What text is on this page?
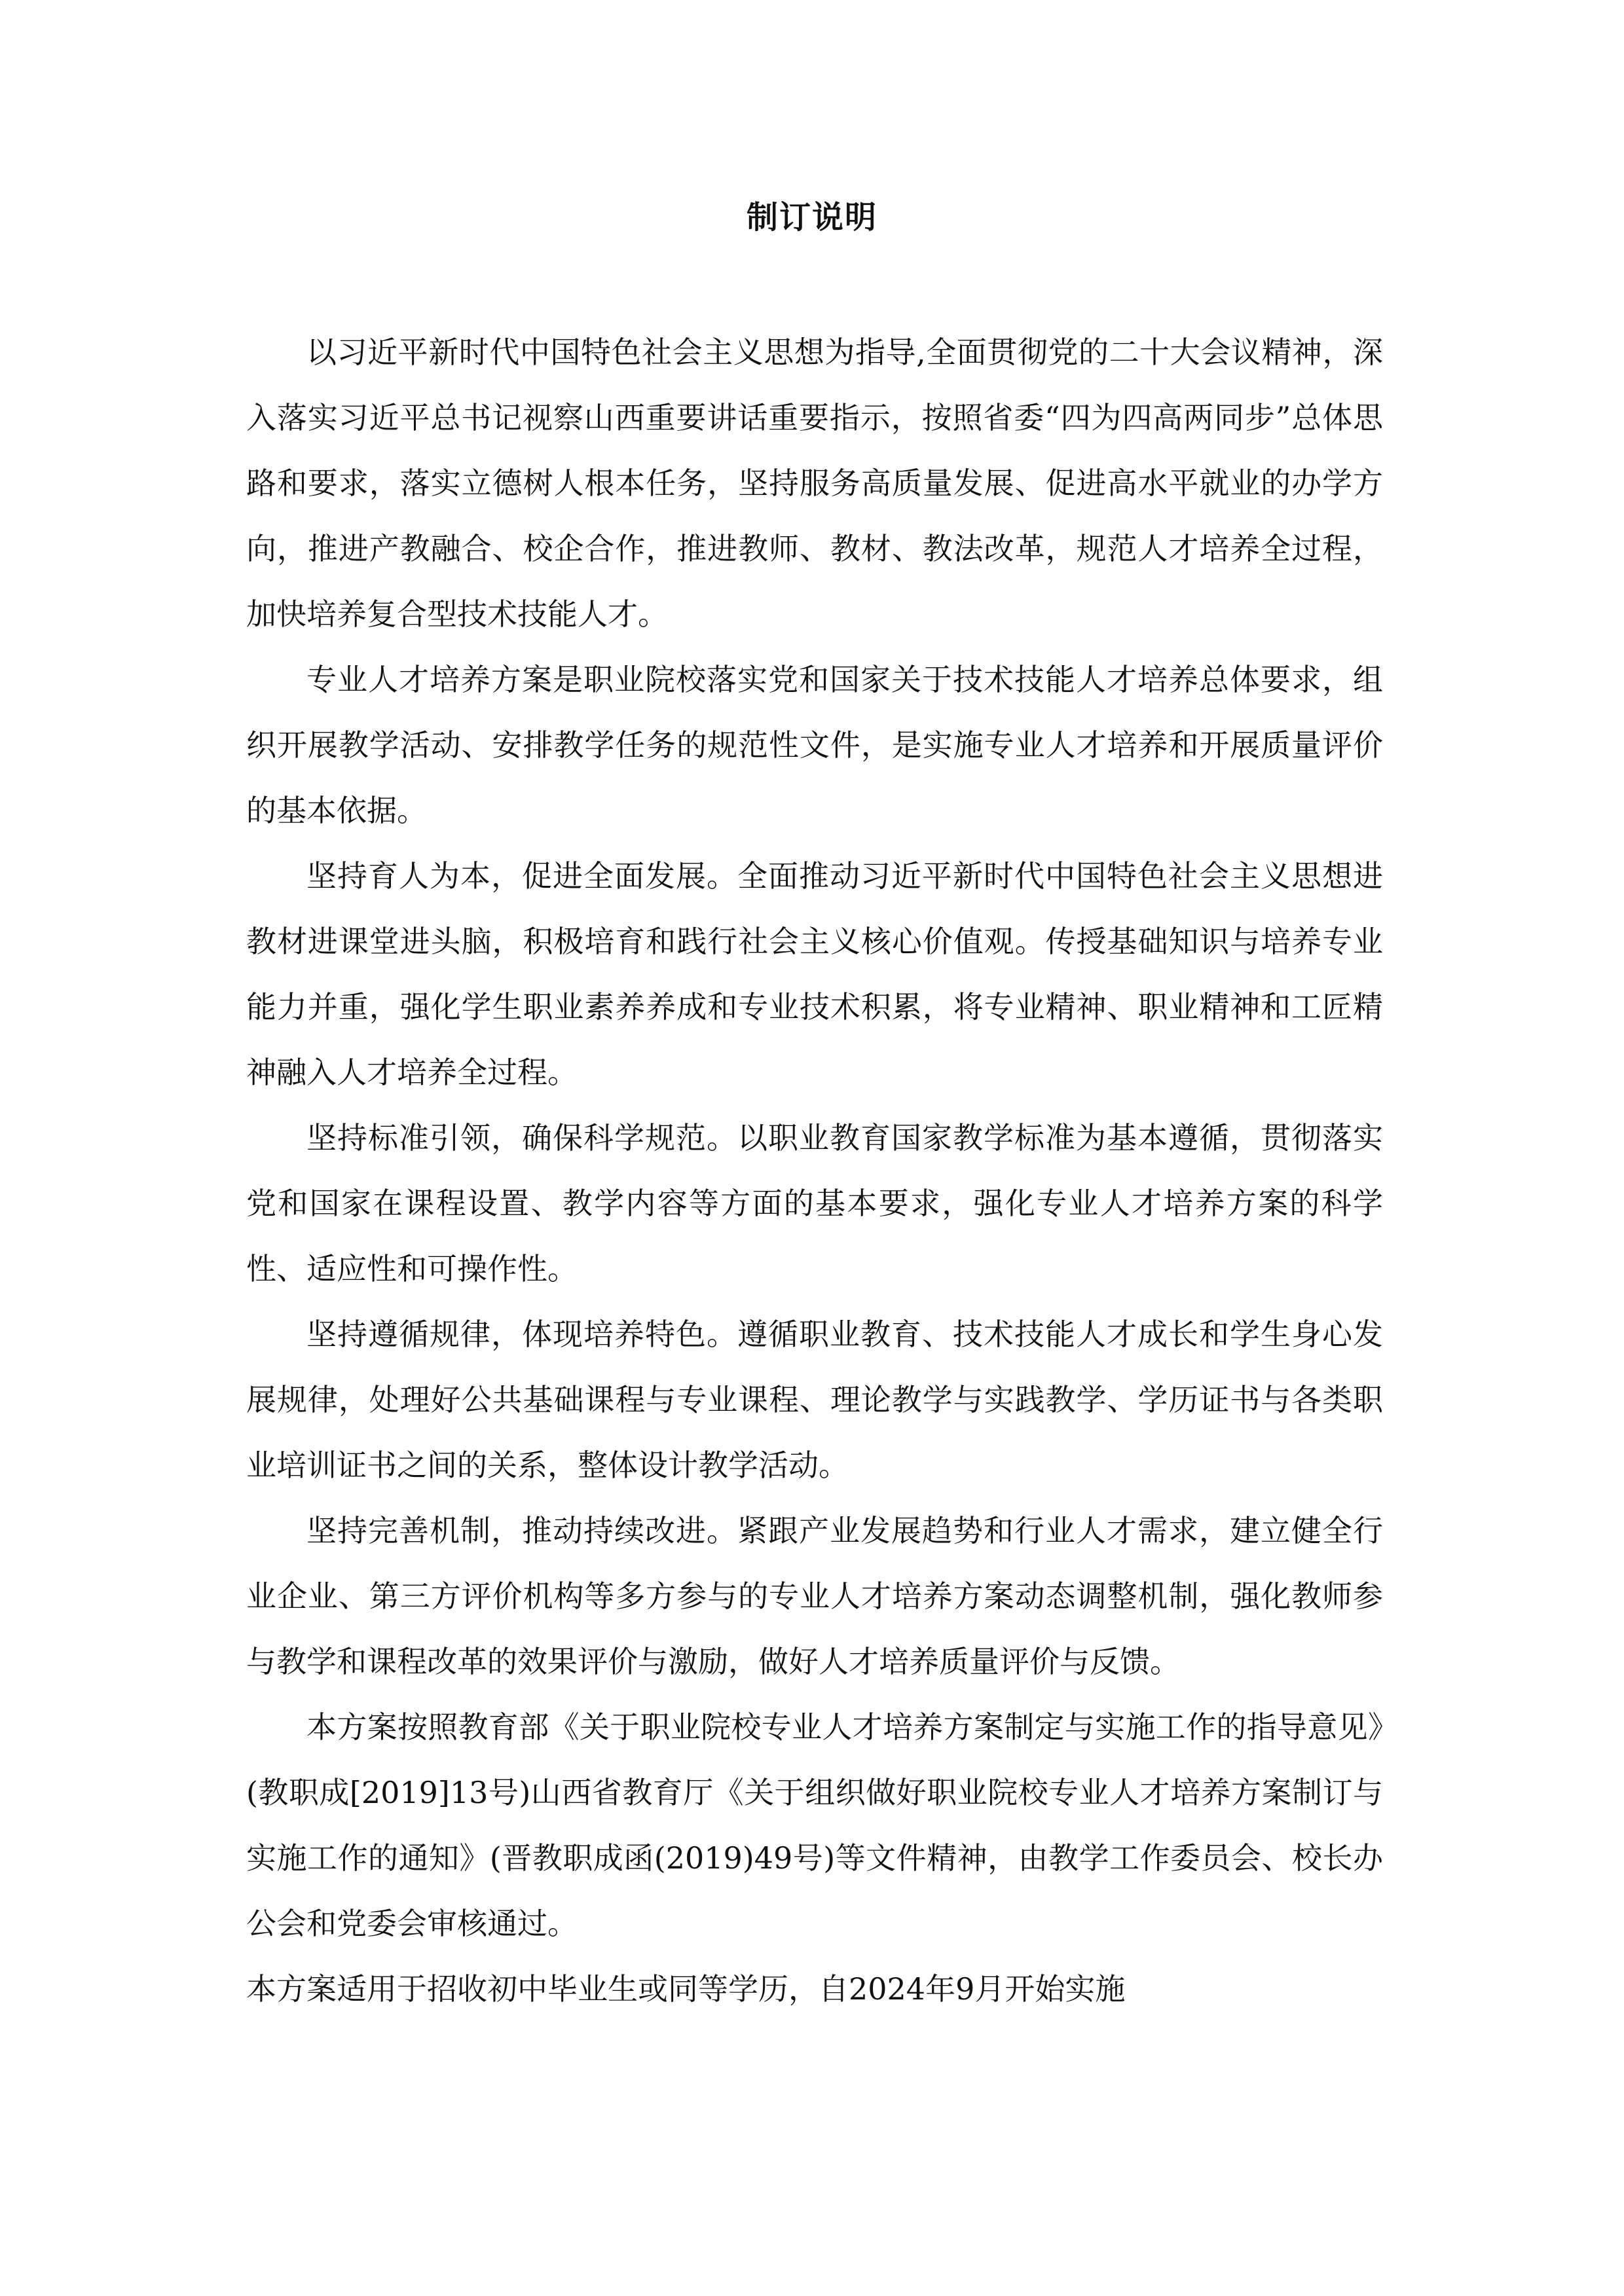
制订说明

以习近平新时代中国特色社会主义思想为指导,全面贯彻党的二十大会议精神，深入落实习近平总书记视察山西重要讲话重要指示，按照省委“四为四高两同步”总体思路和要求，落实立德树人根本任务，坚持服务高质量发展、促进高水平就业的办学方向，推进产教融合、校企合作，推进教师、教材、教法改革，规范人才培养全过程，加快培养复合型技术技能人才。

专业人才培养方案是职业院校落实党和国家关于技术技能人才培养总体要求，组织开展教学活动、安排教学任务的规范性文件，是实施专业人才培养和开展质量评价的基本依据。

坚持育人为本，促进全面发展。全面推动习近平新时代中国特色社会主义思想进教材进课堂进头脑，积极培育和践行社会主义核心价值观。传授基础知识与培养专业能力并重，强化学生职业素养养成和专业技术积累，将专业精神、职业精神和工匠精神融入人才培养全过程。

坚持标准引领，确保科学规范。以职业教育国家教学标准为基本遵循，贯彻落实党和国家在课程设置、教学内容等方面的基本要求，强化专业人才培养方案的科学性、适应性和可操作性。

坚持遵循规律，体现培养特色。遵循职业教育、技术技能人才成长和学生身心发展规律，处理好公共基础课程与专业课程、理论教学与实践教学、学历证书与各类职业培训证书之间的关系，整体设计教学活动。

坚持完善机制，推动持续改进。紧跟产业发展趋势和行业人才需求，建立健全行业企业、第三方评价机构等多方参与的专业人才培养方案动态调整机制，强化教师参与教学和课程改革的效果评价与激励，做好人才培养质量评价与反馈。

本方案按照教育部《关于职业院校专业人才培养方案制定与实施工作的指导意见》(教职成[2019]13号)山西省教育厅《关于组织做好职业院校专业人才培养方案制订与实施工作的通知》(晋教职成函(2019)49号)等文件精神，由教学工作委员会、校长办公会和党委会审核通过。

本方案适用于招收初中毕业生或同等学历，自2024年9月开始实施
